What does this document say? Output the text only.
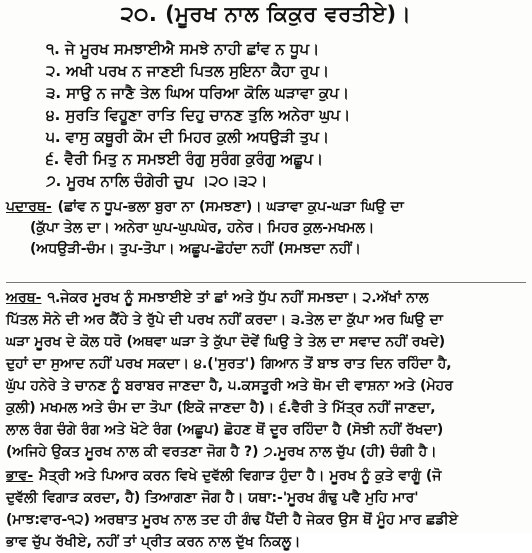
੨੦. (ਮੂਰਖ ਨਾਲ ਕਿਕੁਰ ਵਰਤੀਏ)।
੧. ਜੇ ਮੂਰਖ ਸਮਝਾਈਐ ਸਮਝੇ ਨਾਹੀ ਛਾਂਵ ਨ ਧੂਪ।
੨. ਅਖੀ ਪਰਖ ਨ ਜਾਣਈ ਪਿਤਲ ਸੁਇਨਾ ਕੈਹਾ ਰੁਪ।
੩. ਸਾਉ ਨ ਜਾਣੈ ਤੇਲ ਘਿਅ ਧਰਿਆ ਕੋਲਿ ਘੜਾਵਾ ਕੁਪ।
੪. ਸੁਰਤਿ ਵਿਹੂਣਾ ਰਾਤਿ ਦਿਹੁ ਚਾਨਣ ਤੁਲਿ ਅਨੇਰਾ ਘੁਪ।
੫. ਵਾਸੁ ਕਥੂਰੀ ਕੋਮ ਦੀ ਮਿਹਰ ਕੁਲੀ ਅਧਉੜੀ ਤੁਪ।
੬. ਵੈਰੀ ਮਿਤੁ ਨ ਸਮਝਈ ਰੰਗੁ ਸੁਰੰਗ ਕੁਰੰਗੁ ਅਛੂਪ।
੭. ਮੂਰਖ ਨਾਲਿ ਚੰਗੇਰੀ ਚੁਪ ।੨੦।੩੨।
ਪਦਾਰਥ- (ਛਾਂਵ ਨ ਧੂਪ-ਭਲਾ ਬੁਰਾ ਨਾ (ਸਮਝਣਾ)। ਘੜਾਵਾ ਕੁਪ-ਘੜਾ ਘਿਉ ਦਾ
(ਕੁੱਪਾ ਤੇਲ ਦਾ। ਅਨੇਰਾ ਘੁਪ-ਘੁਪਘੇਰ, ਹਨੇਰ। ਮਿਹਰ ਕੁਲ-ਮਖਮਲ।
(ਅਧਉੜੀ-ਚੰਮ। ਤੁਪ-ਤੋਪਾ। ਅਛੂਪ-ਛੋਹਂਦਾ ਨਹੀਂ (ਸਮਝਦਾ ਨਹੀਂ।
ਅਰਥ- ੧.ਜੇਕਰ ਮੂਰਖ ਨੂੰ ਸਮਝਾਈਏ ਤਾਂ ਛਾਂ ਅਤੇ ਧੁੱਪ ਨਹੀਂ ਸਮਝਦਾ। ੨.ਅੱਖਾਂ ਨਾਲ
ਪਿੱਤਲ ਸੋਨੇ ਦੀ ਅਰ ਕੈਂਹੇ ਤੇ ਰੁੱਪੇ ਦੀ ਪਰਖ ਨਹੀਂ ਕਰਦਾ। ੩.ਤੇਲ ਦਾ ਕੁੱਪਾ ਅਰ ਘਿਉ ਦਾ
ਘੜਾ ਮੂਰਖ ਦੇ ਕੋਲ ਧਰੋ (ਅਥਵਾ ਘੜਾ ਤੇ ਕੁੱਪਾ ਦੋਵੇਂ ਘਿਉ ਤੇ ਤੇਲ ਦਾ ਸਵਾਦ ਨਹੀਂ ਰਖਦੇ)
ਦੁਹਾਂ ਦਾ ਸੁਆਦ ਨਹੀਂ ਪਰਖ ਸਕਦਾ। ੪.('ਸੁਰਤ') ਗਿਆਨ ਤੋਂ ਬਾਝ ਰਾਤ ਦਿਨ ਰਹਿੰਦਾ ਹੈ,
ਘੁੱਪ ਹਨੇਰੇ ਤੇ ਚਾਨਣ ਨੂੰ ਬਰਾਬਰ ਜਾਣਦਾ ਹੈ, ੫.ਕਸਤੂਰੀ ਅਤੇ ਥੋਮ ਦੀ ਵਾਸ਼ਨਾ ਅਤੇ (ਮੇਹਰ
ਕੁਲੀ) ਮਖਮਲ ਅਤੇ ਚੰਮ ਦਾ ਤੋਪਾ (ਇਕੋ ਜਾਣਦਾ ਹੈ)। ੬.ਵੈਰੀ ਤੇ ਮਿੱਤ੍ਰ ਨਹੀਂ ਜਾਣਦਾ,
ਲਾਲ ਰੰਗ ਚੰਗੇ ਰੰਗ ਅਤੇ ਖੋਟੇ ਰੰਗ (ਅਛੂਪ) ਛੋਹਣ ਥੋਂ ਦੂਰ ਰਹਿੰਦਾ ਹੈ (ਸੋਝੀ ਨਹੀਂ ਰੱਖਦਾ)
(ਅਜਿਹੇ ਉਕਤ ਮੂਰਖ ਨਾਲ ਕੀ ਵਰਤਣਾ ਜੋਗ ਹੈ ?) ੭.ਮੂਰਖ ਨਾਲ ਚੁੱਪ (ਹੀ) ਚੰਗੀ ਹੈ।
ਭਾਵ- ਮੈਤ੍ਰੀ ਅਤੇ ਪਿਆਰ ਕਰਨ ਵਿਖੇ ਦੁਵੱਲੀ ਵਿਗਾੜ ਹੁੰਦਾ ਹੈ। ਮੂਰਖ ਨੂੰ ਕੁਤੇ ਵਾਗੂੰ (ਜੋ
ਦੁਵੱਲੀ ਵਿਗਾੜ ਕਰਦਾ, ਹੈ) ਤਿਆਗਣਾ ਜੋਗ ਹੈ। ਯਥਾ:-'ਮੂਰਖ ਗੰਢੁ ਪਵੈ ਮੁਹਿ ਮਾਰ'
(ਮਾਝ:ਵਾਰ-੧੨) ਅਰਥਾਤ ਮੂਰਖ ਨਾਲ ਤਦ ਹੀ ਗੰਢ ਪੈਂਦੀ ਹੈ ਜੇਕਰ ਉਸ ਥੋਂ ਮੂੰਹ ਮਾਰ ਛਡੀਏ
ਭਾਵ ਚੁੱਪ ਰੱਖੀਏ, ਨਹੀਂ ਤਾਂ ਪ੍ਰੀਤ ਕਰਨ ਨਾਲ ਦੁੱਖ ਨਿਕਲੂ।
